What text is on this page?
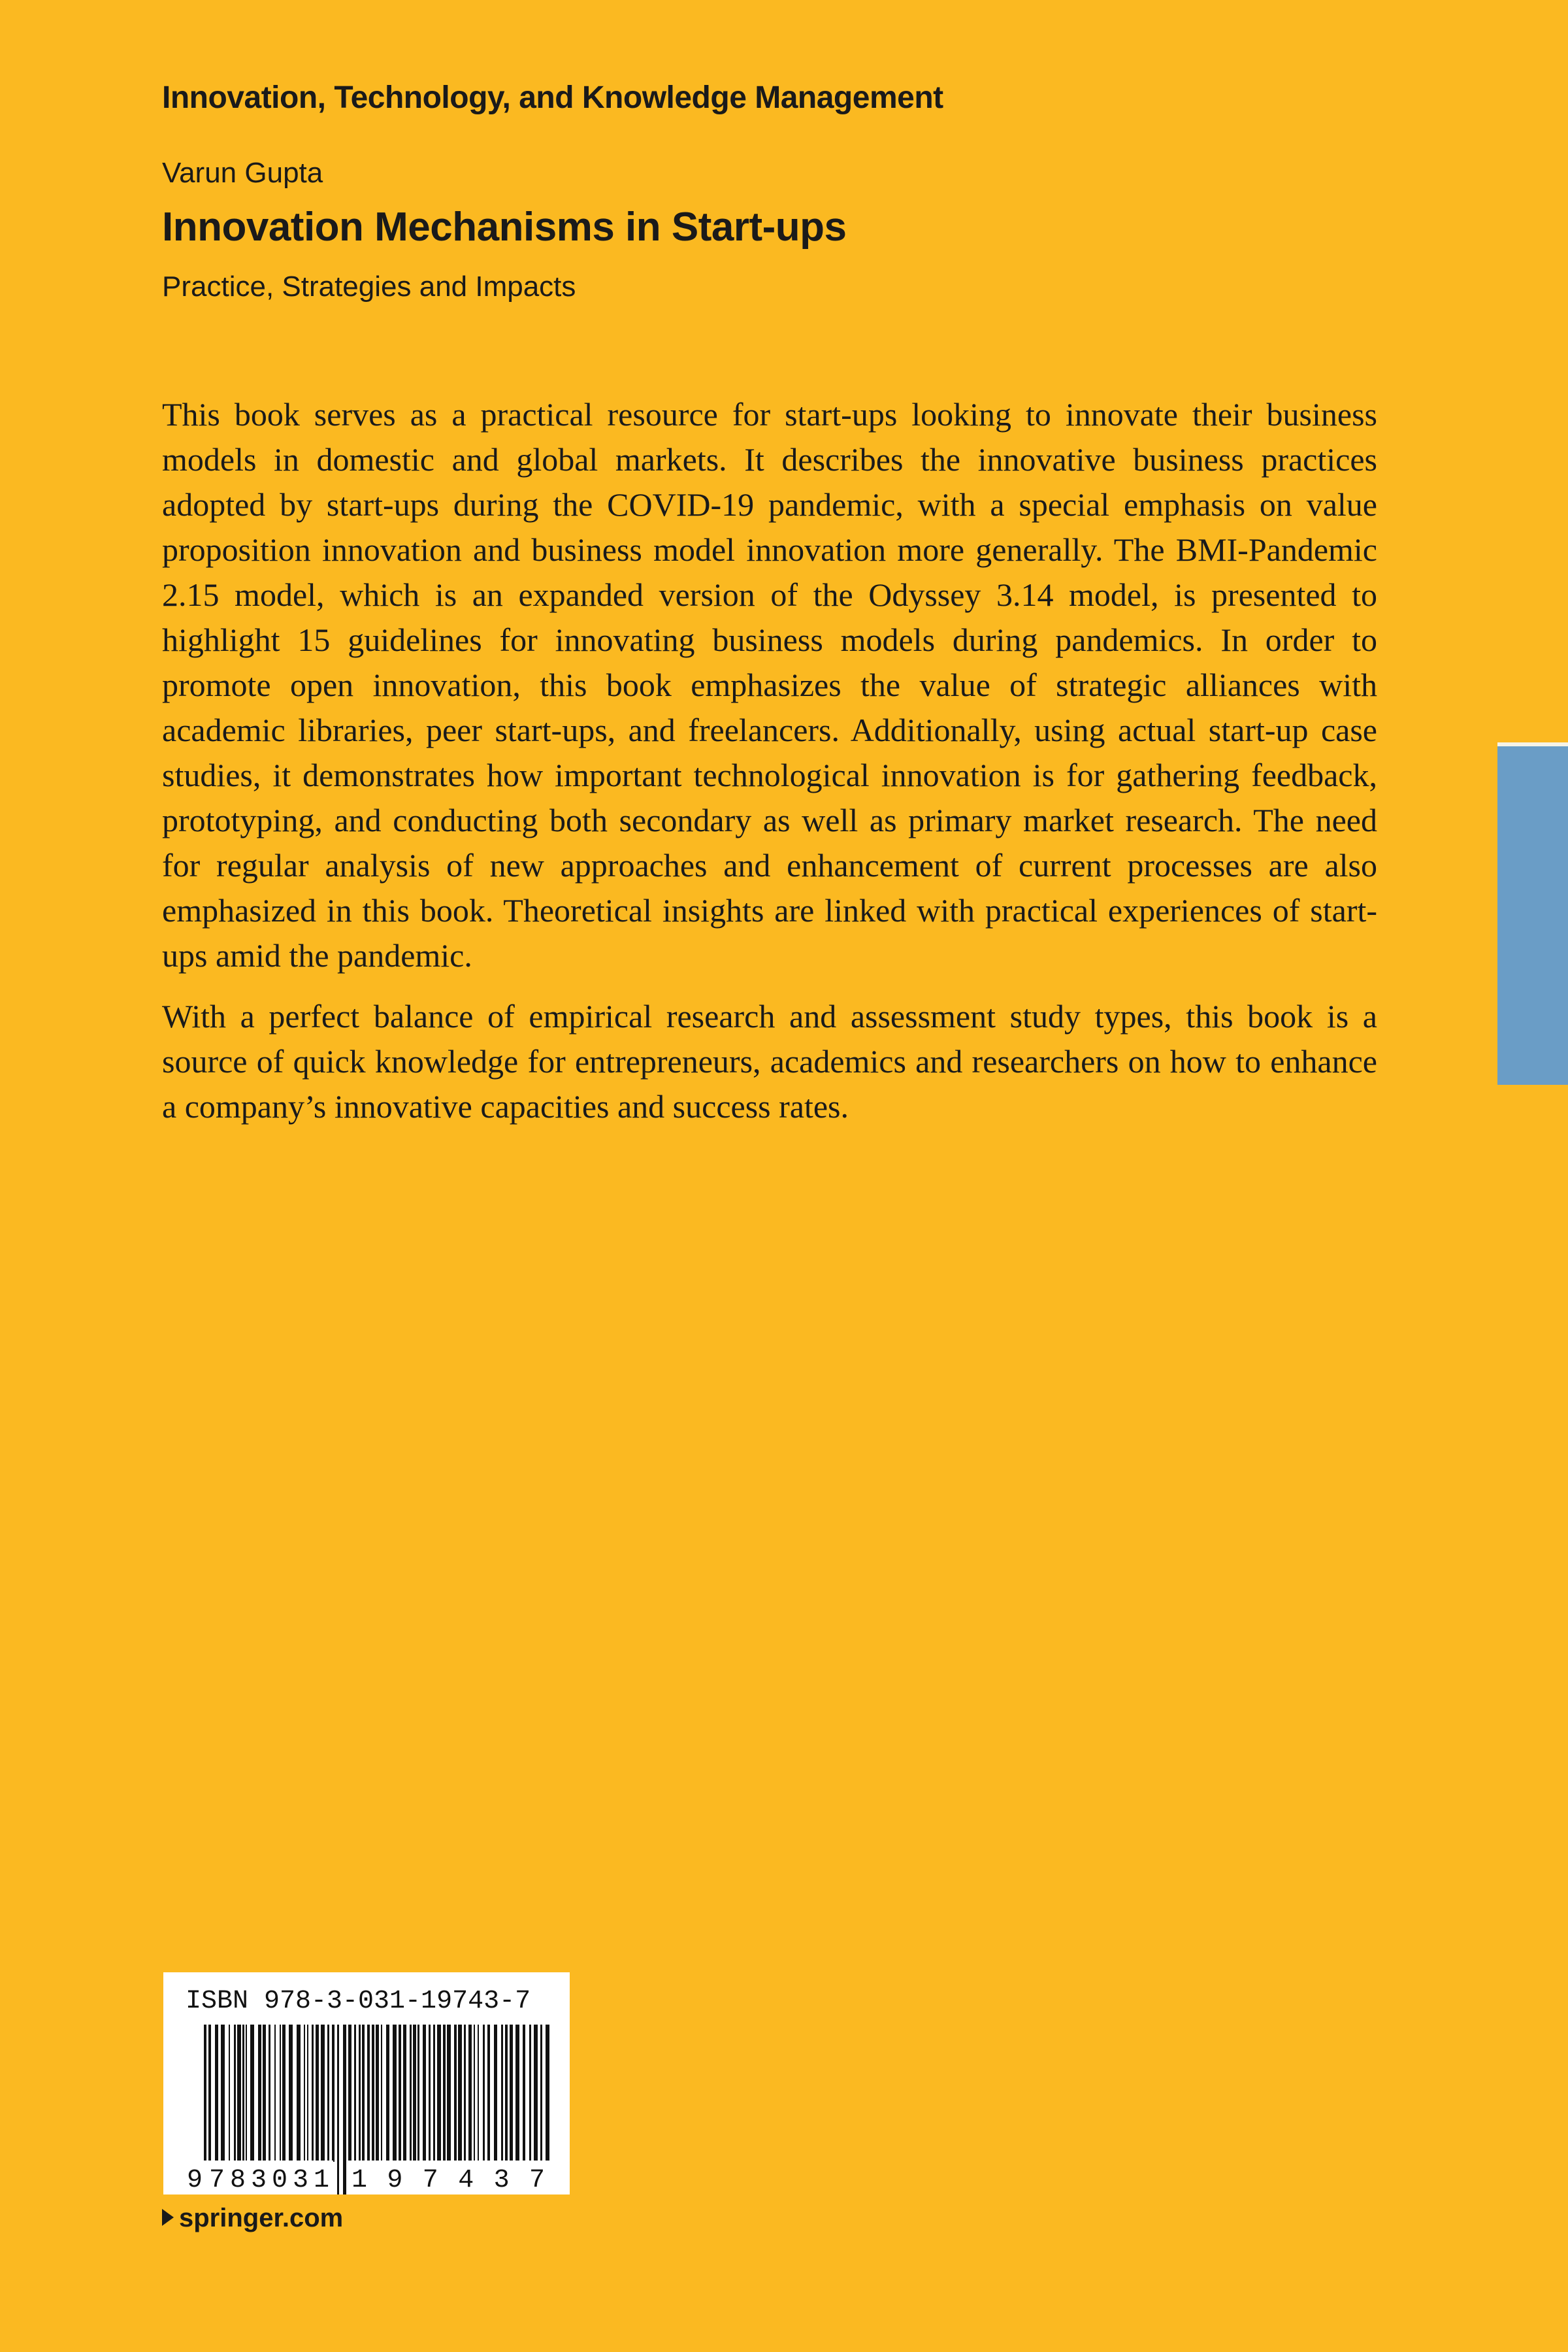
Innovation, Technology, and Knowledge Management
Varun Gupta
Innovation Mechanisms in Start-ups
Practice, Strategies and Impacts

This book serves as a practical resource for start-ups looking to innovate their business models in domestic and global markets. It describes the innovative business practices adopted by start-ups during the COVID-19 pandemic, with a special emphasis on value proposition innovation and business model innovation more generally. The BMI-Pandemic 2.15 model, which is an expanded version of the Odyssey 3.14 model, is presented to highlight 15 guidelines for innovating business models during pandemics. In order to promote open innovation, this book emphasizes the value of strategic alliances with academic libraries, peer start-ups, and freelancers. Additionally, using actual start-up case studies, it demonstrates how important technological innovation is for gathering feedback, prototyping, and conducting both secondary as well as primary market research. The need for regular analysis of new approaches and enhancement of current processes are also emphasized in this book. Theoretical insights are linked with practical experiences of start-ups amid the pandemic.

With a perfect balance of empirical research and assessment study types, this book is a source of quick knowledge for entrepreneurs, academics and researchers on how to enhance a company’s innovative capacities and success rates.

ISBN 978-3-031-19743-7
9 783031 197437
springer.com
